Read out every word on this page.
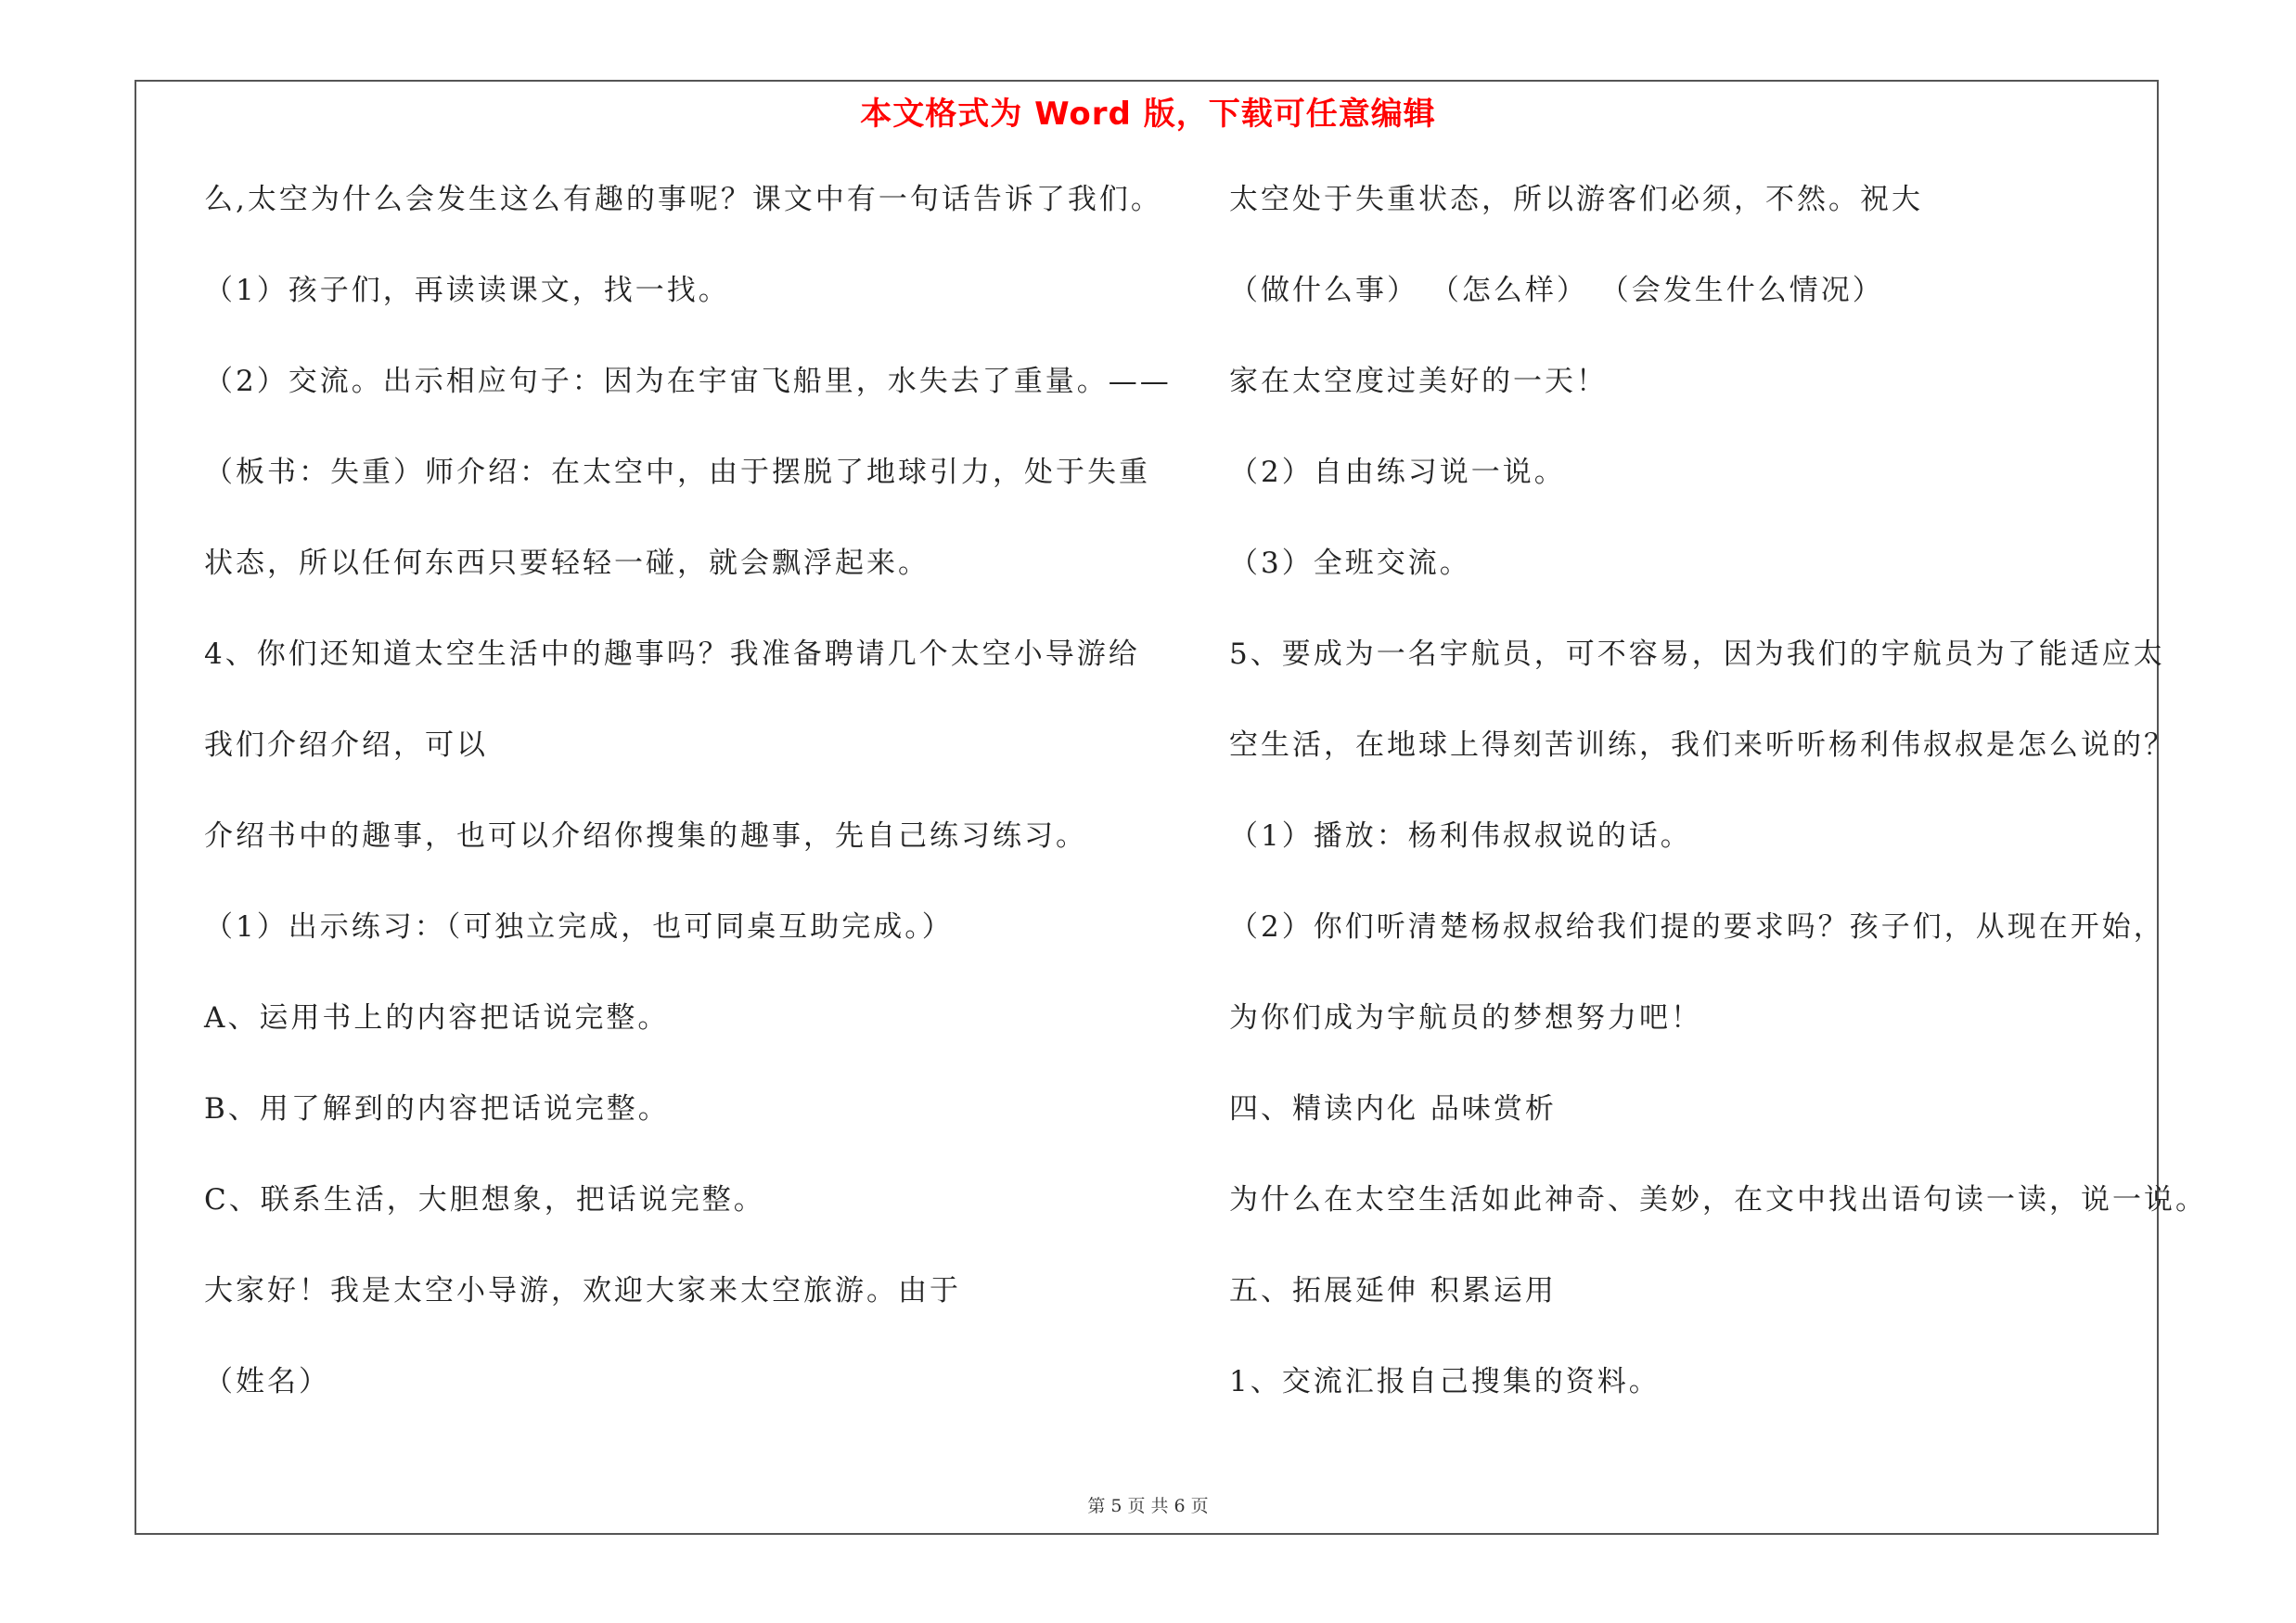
本文格式为 Word 版，下载可任意编辑
么,太空为什么会发生这么有趣的事呢？课文中有一句话告诉了我们。
（1）孩子们，再读读课文，找一找。
（2）交流。出示相应句子：因为在宇宙飞船里，水失去了重量。——
（板书：失重）师介绍：在太空中，由于摆脱了地球引力，处于失重
状态，所以任何东西只要轻轻一碰，就会飘浮起来。
4、你们还知道太空生活中的趣事吗？我准备聘请几个太空小导游给
我们介绍介绍，可以
介绍书中的趣事，也可以介绍你搜集的趣事，先自己练习练习。
（1）出示练习：（可独立完成，也可同桌互助完成。）
A、运用书上的内容把话说完整。
B、用了解到的内容把话说完整。
C、联系生活，大胆想象，把话说完整。
大家好！我是太空小导游，欢迎大家来太空旅游。由于
（姓名）
太空处于失重状态，所以游客们必须，不然。祝大
（做什么事） （怎么样） （会发生什么情况）
家在太空度过美好的一天！
（2）自由练习说一说。
（3）全班交流。
5、要成为一名宇航员，可不容易，因为我们的宇航员为了能适应太
空生活，在地球上得刻苦训练，我们来听听杨利伟叔叔是怎么说的？
（1）播放：杨利伟叔叔说的话。
（2）你们听清楚杨叔叔给我们提的要求吗？孩子们，从现在开始，
为你们成为宇航员的梦想努力吧！
四、精读内化 品味赏析
为什么在太空生活如此神奇、美妙，在文中找出语句读一读，说一说。
五、拓展延伸 积累运用
1、交流汇报自己搜集的资料。
第 5 页 共 6 页
